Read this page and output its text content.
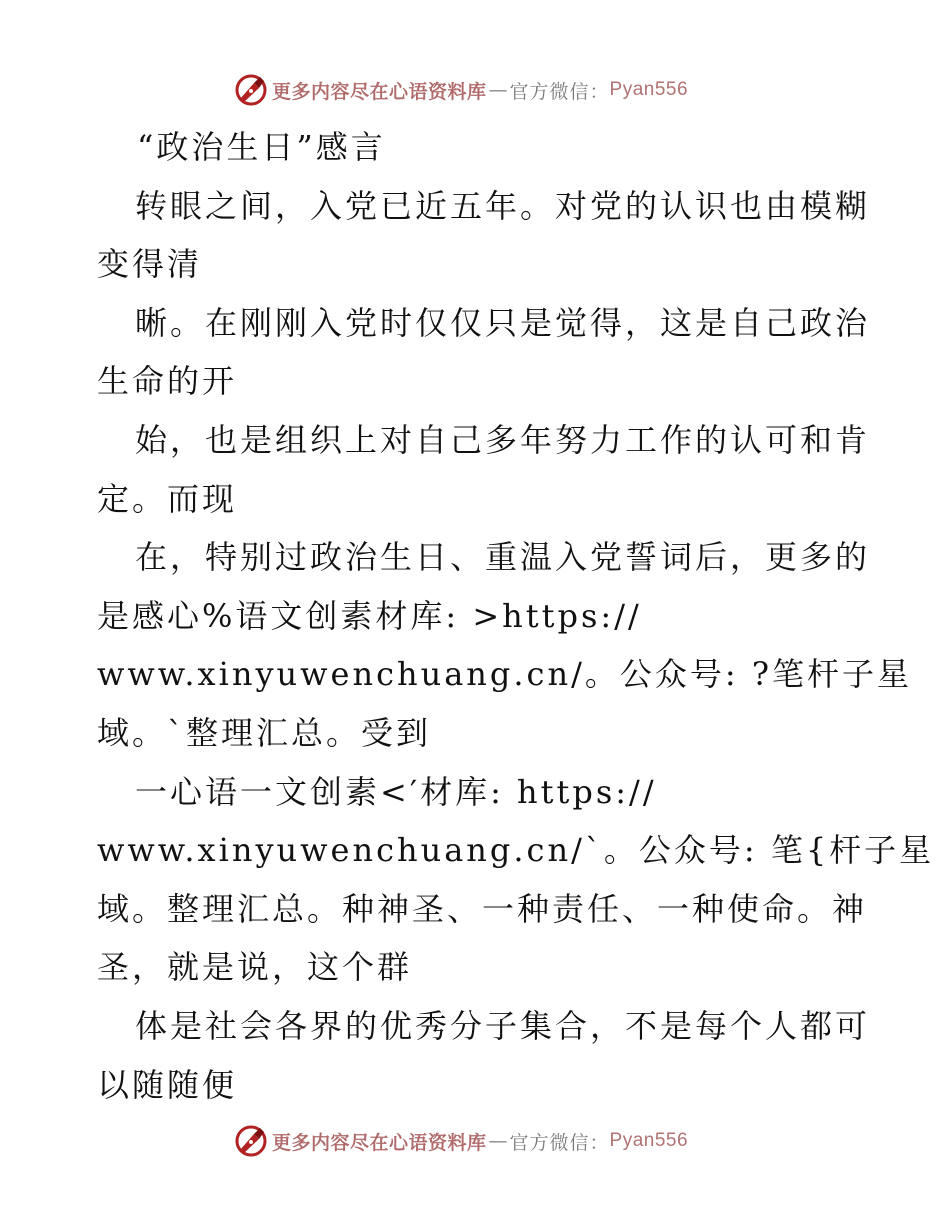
更多内容尽在心语资料库 — 官方微信： Pyan556
“政治生日”感言
转眼之间，入党已近五年。对党的认识也由模糊
变得清
晰。在刚刚入党时仅仅只是觉得，这是自己政治
生命的开
始，也是组织上对自己多年努力工作的认可和肯
定。而现
在，特别过政治生日、重温入党誓词后，更多的
是感心%语文创素材库: >https://
www.xinyuwenchuang.cn/。公众号: ?笔杆子星
域。`整理汇总。受到
一心语一文创素<′材库: https://
www.xinyuwenchuang.cn/`。公众号: 笔{杆子星
域。整理汇总。种神圣、一种责任、一种使命。神
圣，就是说，这个群
体是社会各界的优秀分子集合，不是每个人都可
以随随便
更多内容尽在心语资料库 — 官方微信： Pyan556
